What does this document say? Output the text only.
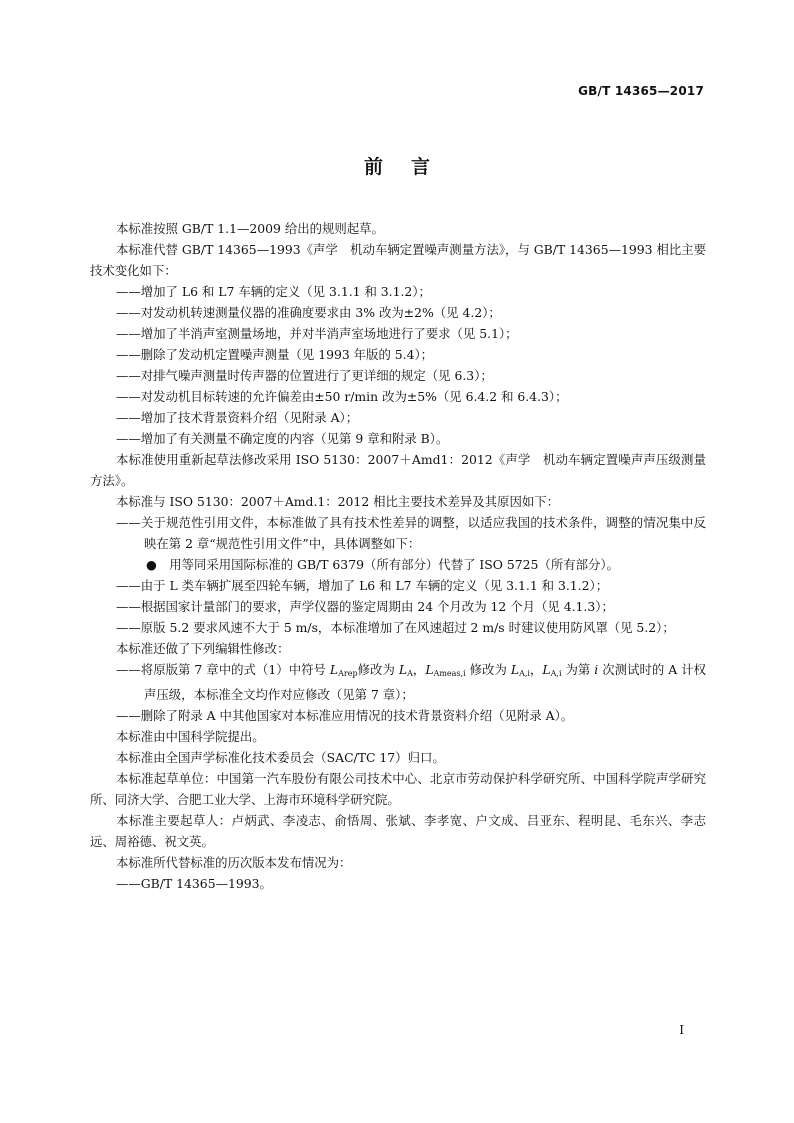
GB/T 14365—2017
前言

本标准按照 GB/T 1.1—2009 给出的规则起草。

本标准代替 GB/T 14365—1993《声学　机动车辆定置噪声测量方法》，与 GB/T 14365—1993 相比主要技术变化如下：

——增加了 L6 和 L7 车辆的定义（见 3.1.1 和 3.1.2）；

——对发动机转速测量仪器的准确度要求由 3% 改为±2%（见 4.2）；

——增加了半消声室测量场地，并对半消声室场地进行了要求（见 5.1）；

——删除了发动机定置噪声测量（见 1993 年版的 5.4）；

——对排气噪声测量时传声器的位置进行了更详细的规定（见 6.3）；

——对发动机目标转速的允许偏差由±50 r/min 改为±5%（见 6.4.2 和 6.4.3）；

——增加了技术背景资料介绍（见附录 A）；

——增加了有关测量不确定度的内容（见第 9 章和附录 B）。

本标准使用重新起草法修改采用 ISO 5130：2007＋Amd1：2012《声学　机动车辆定置噪声声压级测量方法》。

本标准与 ISO 5130：2007＋Amd.1：2012 相比主要技术差异及其原因如下：

——关于规范性引用文件，本标准做了具有技术性差异的调整，以适应我国的技术条件，调整的情况集中反映在第 2 章“规范性引用文件”中，具体调整如下：

●　用等同采用国际标准的 GB/T 6379（所有部分）代替了 ISO 5725（所有部分）。

——由于 L 类车辆扩展至四轮车辆，增加了 L6 和 L7 车辆的定义（见 3.1.1 和 3.1.2）；

——根据国家计量部门的要求，声学仪器的鉴定周期由 24 个月改为 12 个月（见 4.1.3）；

——原版 5.2 要求风速不大于 5 m/s，本标准增加了在风速超过 2 m/s 时建议使用防风罩（见 5.2）；

本标准还做了下列编辑性修改：

——将原版第 7 章中的式（1）中符号 $L_{Arep}$修改为 $L_A$，$L_{Ameas,i}$ 修改为 $L_{A,i}$，$L_{A,i}$ 为第 i 次测试时的 A 计权声压级，本标准全文均作对应修改（见第 7 章）；

——删除了附录 A 中其他国家对本标准应用情况的技术背景资料介绍（见附录 A）。

本标准由中国科学院提出。

本标准由全国声学标准化技术委员会（SAC/TC 17）归口。

本标准起草单位：中国第一汽车股份有限公司技术中心、北京市劳动保护科学研究所、中国科学院声学研究所、同济大学、合肥工业大学、上海市环境科学研究院。

本标准主要起草人：卢炳武、李凌志、俞悟周、张斌、李孝宽、户文成、吕亚东、程明昆、毛东兴、李志远、周裕德、祝文英。

本标准所代替标准的历次版本发布情况为：

——GB/T 14365—1993。

I
